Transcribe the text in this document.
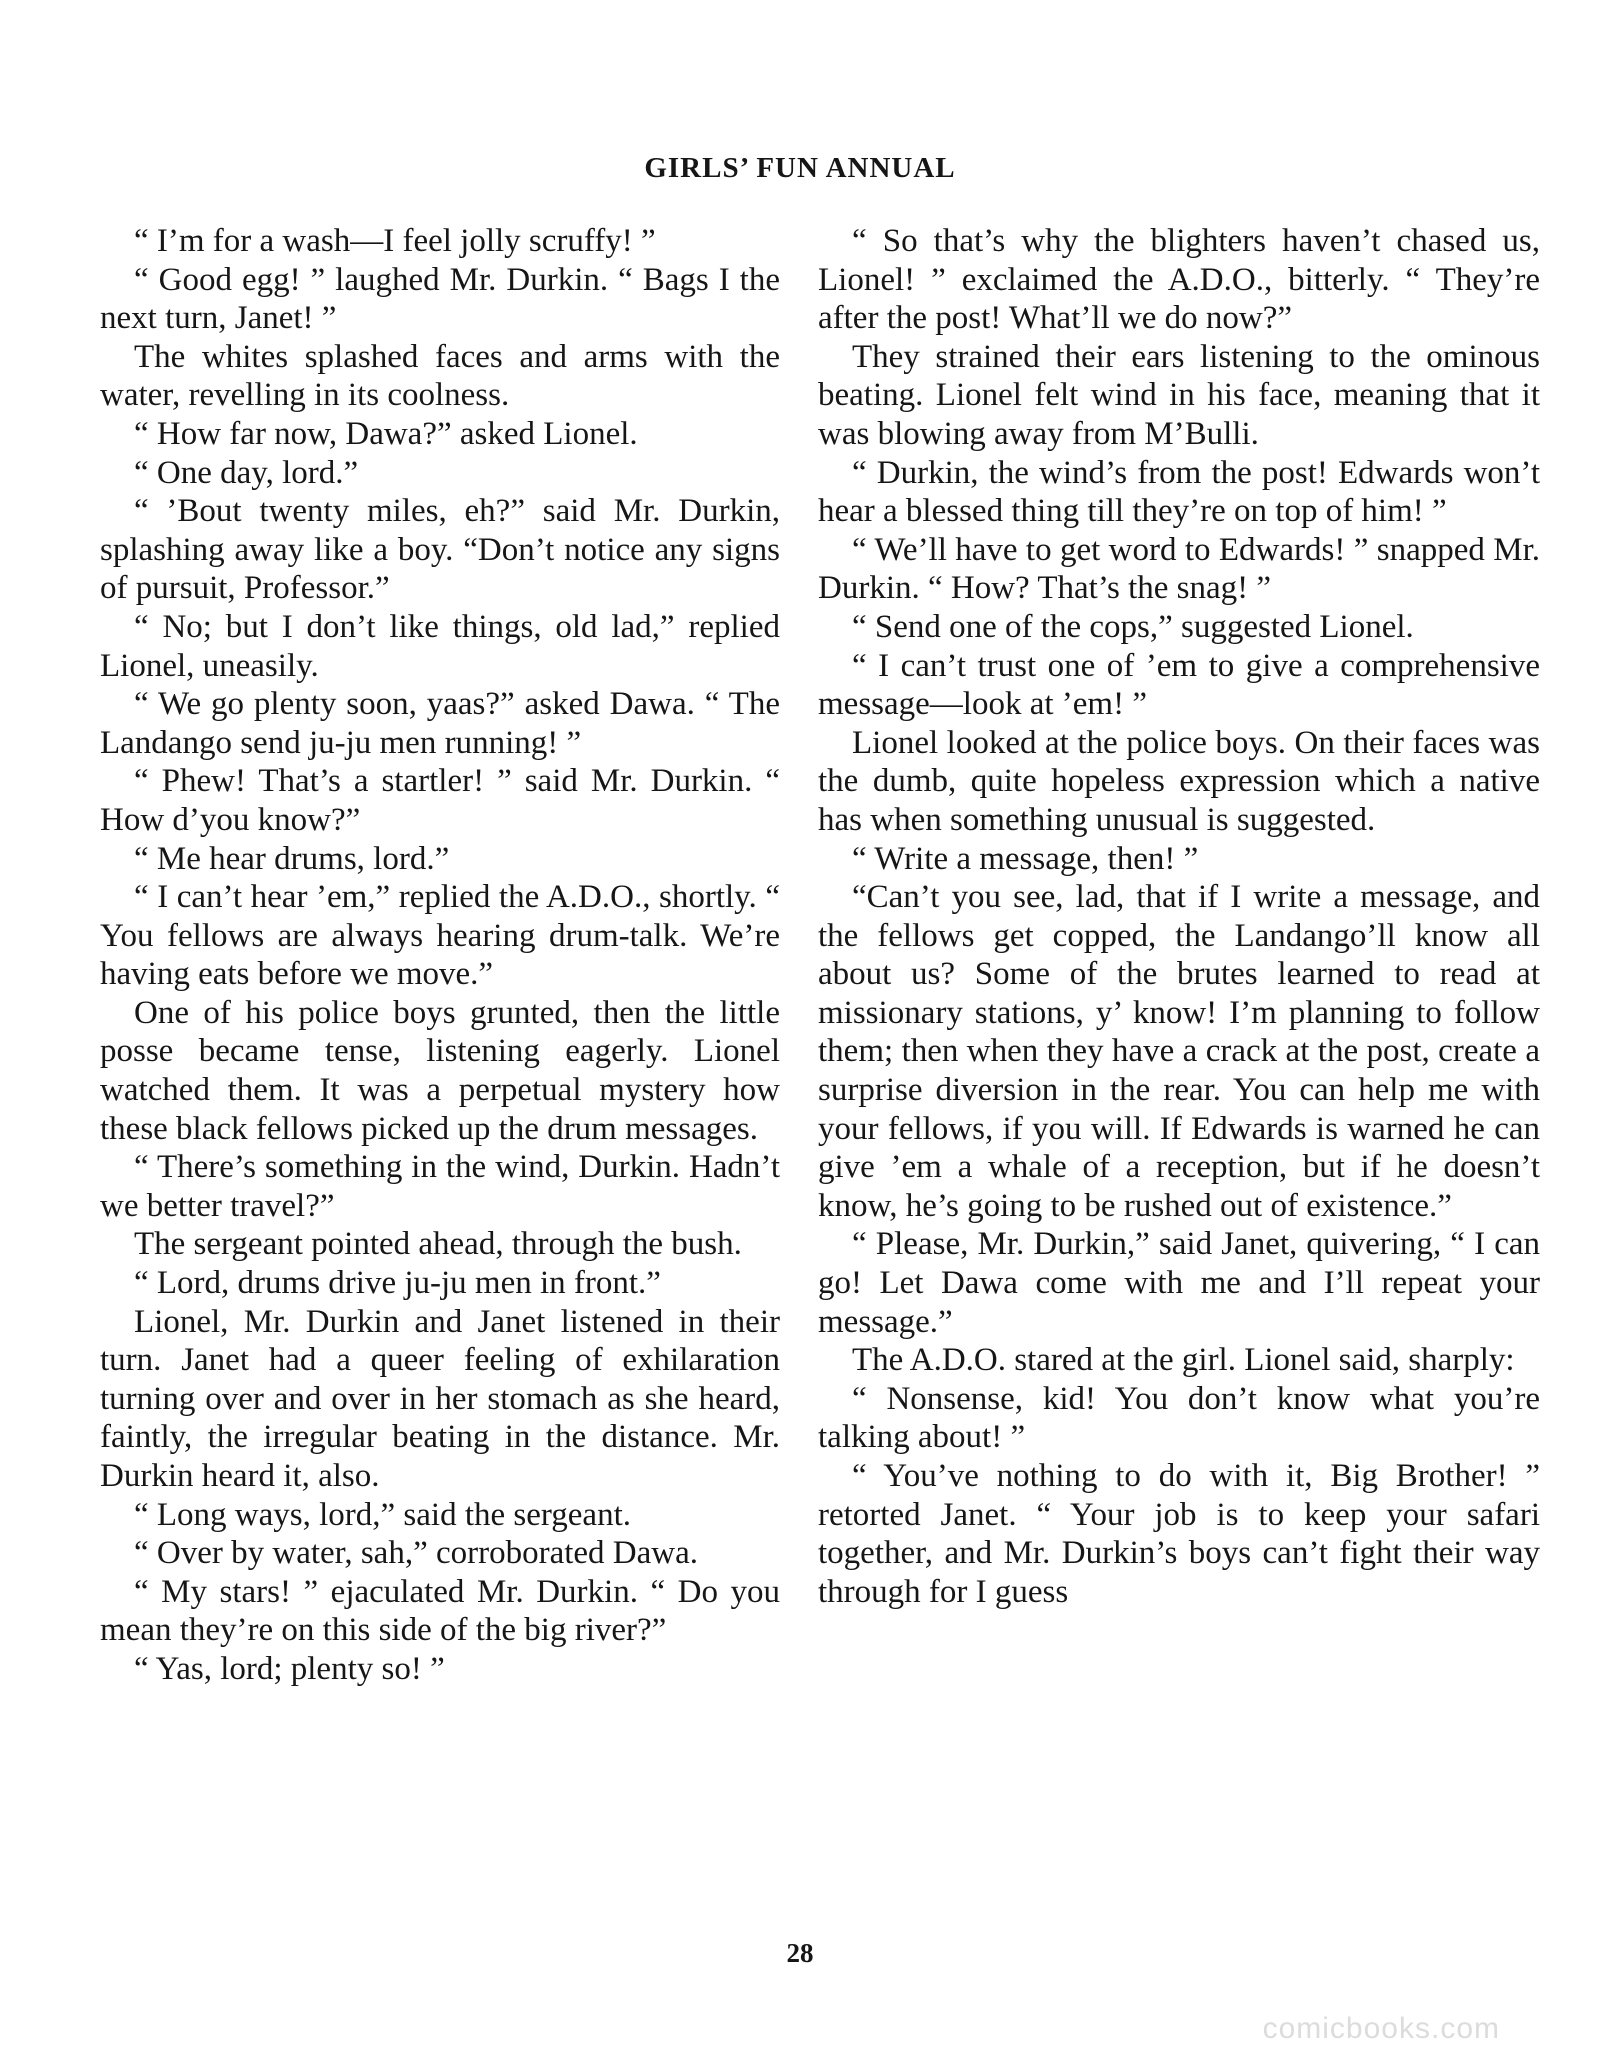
GIRLS’ FUN ANNUAL

“ I’m for a wash—I feel jolly scruffy! ”

“ Good egg! ” laughed Mr. Durkin. “ Bags I the next turn, Janet! ”

The whites splashed faces and arms with the water, revelling in its coolness.

“ How far now, Dawa?” asked Lionel.

“ One day, lord.”

“ ’Bout twenty miles, eh?” said Mr. Durkin, splashing away like a boy. “Don’t notice any signs of pursuit, Professor.”

“ No; but I don’t like things, old lad,” replied Lionel, uneasily.

“ We go plenty soon, yaas?” asked Dawa. “ The Landango send ju-ju men running! ”

“ Phew! That’s a startler! ” said Mr. Durkin. “ How d’you know?”

“ Me hear drums, lord.”

“ I can’t hear ’em,” replied the A.D.O., shortly. “ You fellows are always hearing drum-talk. We’re having eats before we move.”

One of his police boys grunted, then the little posse became tense, listening eagerly. Lionel watched them. It was a perpetual mystery how these black fellows picked up the drum messages.

“ There’s something in the wind, Durkin. Hadn’t we better travel?”

The sergeant pointed ahead, through the bush.

“ Lord, drums drive ju-ju men in front.”

Lionel, Mr. Durkin and Janet listened in their turn. Janet had a queer feeling of exhilaration turning over and over in her stomach as she heard, faintly, the irregular beating in the distance. Mr. Durkin heard it, also.

“ Long ways, lord,” said the sergeant.

“ Over by water, sah,” corroborated Dawa.

“ My stars! ” ejaculated Mr. Durkin. “ Do you mean they’re on this side of the big river?”

“ Yas, lord; plenty so! ”

“ So that’s why the blighters haven’t chased us, Lionel! ” exclaimed the A.D.O., bitterly. “ They’re after the post! What’ll we do now?”

They strained their ears listening to the ominous beating. Lionel felt wind in his face, meaning that it was blowing away from M’Bulli.

“ Durkin, the wind’s from the post! Edwards won’t hear a blessed thing till they’re on top of him! ”

“ We’ll have to get word to Edwards! ” snapped Mr. Durkin. “ How? That’s the snag! ”

“ Send one of the cops,” suggested Lionel.

“ I can’t trust one of ’em to give a comprehensive message—look at ’em! ”

Lionel looked at the police boys. On their faces was the dumb, quite hopeless expression which a native has when something unusual is suggested.

“ Write a message, then! ”

“Can’t you see, lad, that if I write a message, and the fellows get copped, the Landango’ll know all about us? Some of the brutes learned to read at missionary stations, y’ know! I’m planning to follow them; then when they have a crack at the post, create a surprise diversion in the rear. You can help me with your fellows, if you will. If Edwards is warned he can give ’em a whale of a reception, but if he doesn’t know, he’s going to be rushed out of existence.”

“ Please, Mr. Durkin,” said Janet, quivering, “ I can go! Let Dawa come with me and I’ll repeat your message.”

The A.D.O. stared at the girl. Lionel said, sharply:

“ Nonsense, kid! You don’t know what you’re talking about! ”

“ You’ve nothing to do with it, Big Brother! ” retorted Janet. “ Your job is to keep your safari together, and Mr. Durkin’s boys can’t fight their way through for I guess

28
comicbooks.com
